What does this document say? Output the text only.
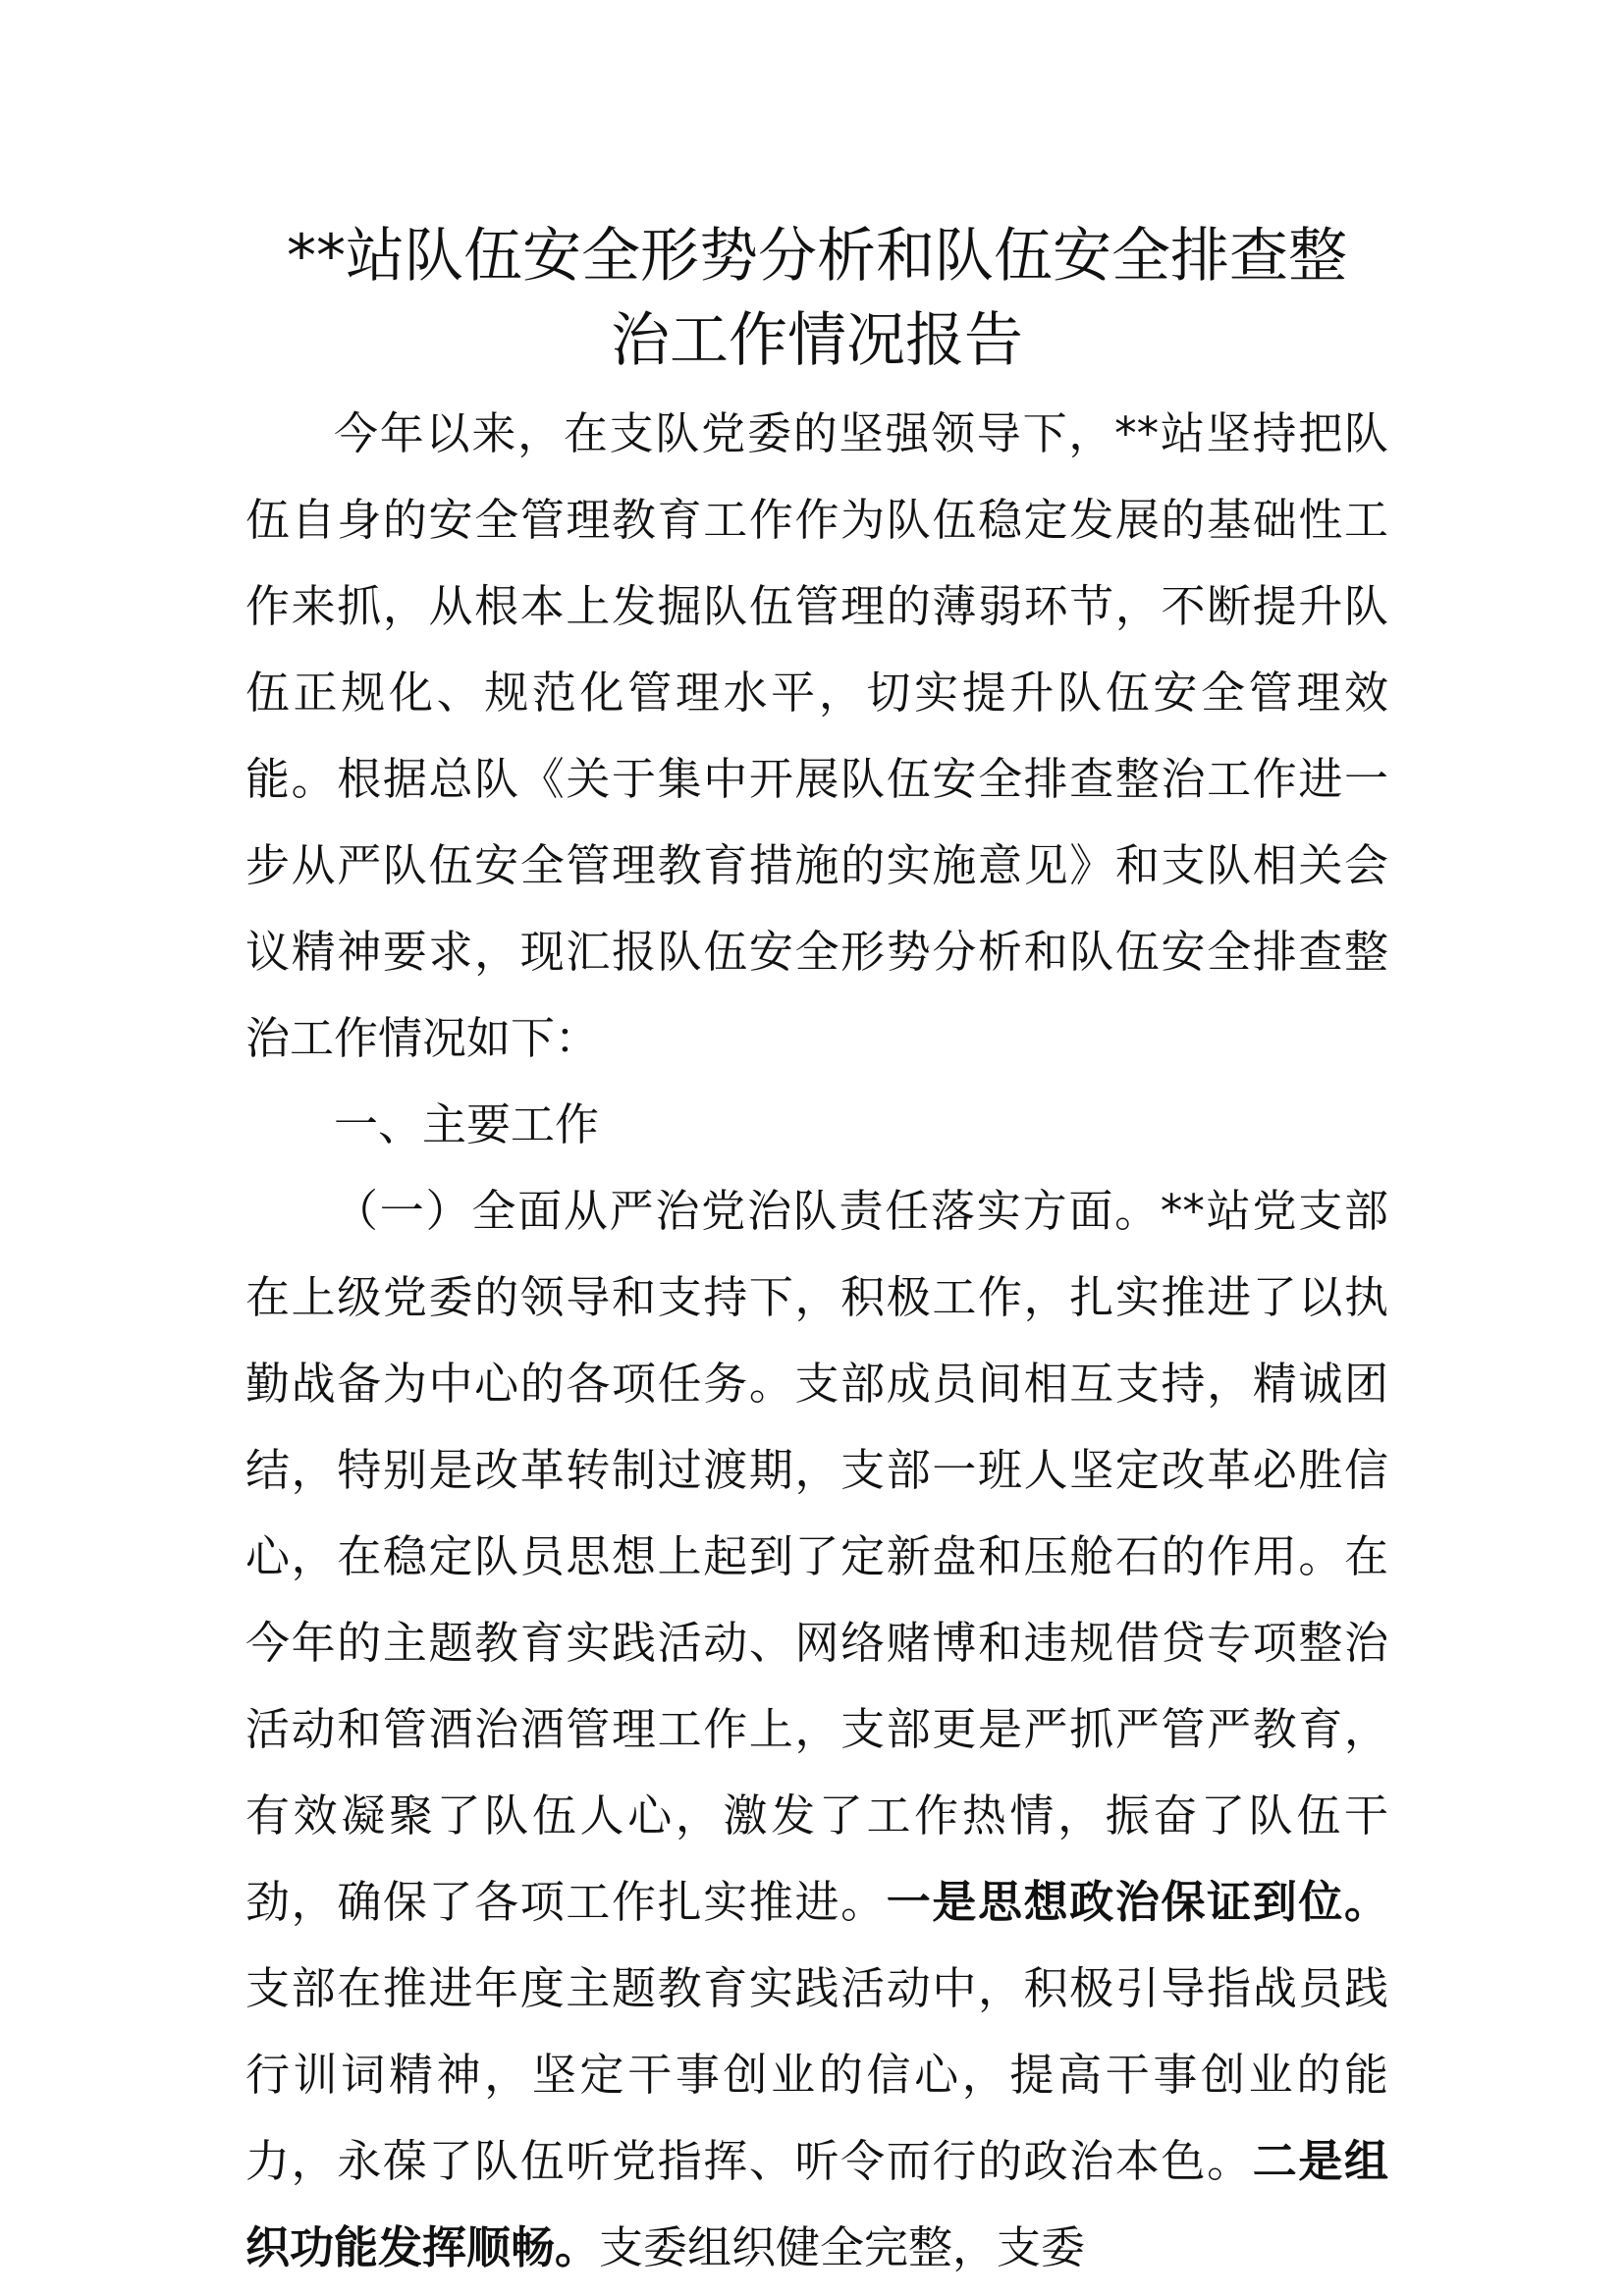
**站队伍安全形势分析和队伍安全排查整
治工作情况报告

今年以来，在支队党委的坚强领导下，**站坚持把队伍自身的安全管理教育工作作为队伍稳定发展的基础性工作来抓，从根本上发掘队伍管理的薄弱环节，不断提升队伍正规化、规范化管理水平，切实提升队伍安全管理效能。根据总队《关于集中开展队伍安全排查整治工作进一步从严队伍安全管理教育措施的实施意见》和支队相关会议精神要求，现汇报队伍安全形势分析和队伍安全排查整治工作情况如下：

一、主要工作

（一）全面从严治党治队责任落实方面。**站党支部在上级党委的领导和支持下，积极工作，扎实推进了以执勤战备为中心的各项任务。支部成员间相互支持，精诚团结，特别是改革转制过渡期，支部一班人坚定改革必胜信心，在稳定队员思想上起到了定新盘和压舱石的作用。在今年的主题教育实践活动、网络赌博和违规借贷专项整治活动和管酒治酒管理工作上，支部更是严抓严管严教育，有效凝聚了队伍人心，激发了工作热情，振奋了队伍干劲，确保了各项工作扎实推进。一是思想政治保证到位。支部在推进年度主题教育实践活动中，积极引导指战员践行训词精神，坚定干事创业的信心，提高干事创业的能力，永葆了队伍听党指挥、听令而行的政治本色。二是组织功能发挥顺畅。支委组织健全完整，支委
